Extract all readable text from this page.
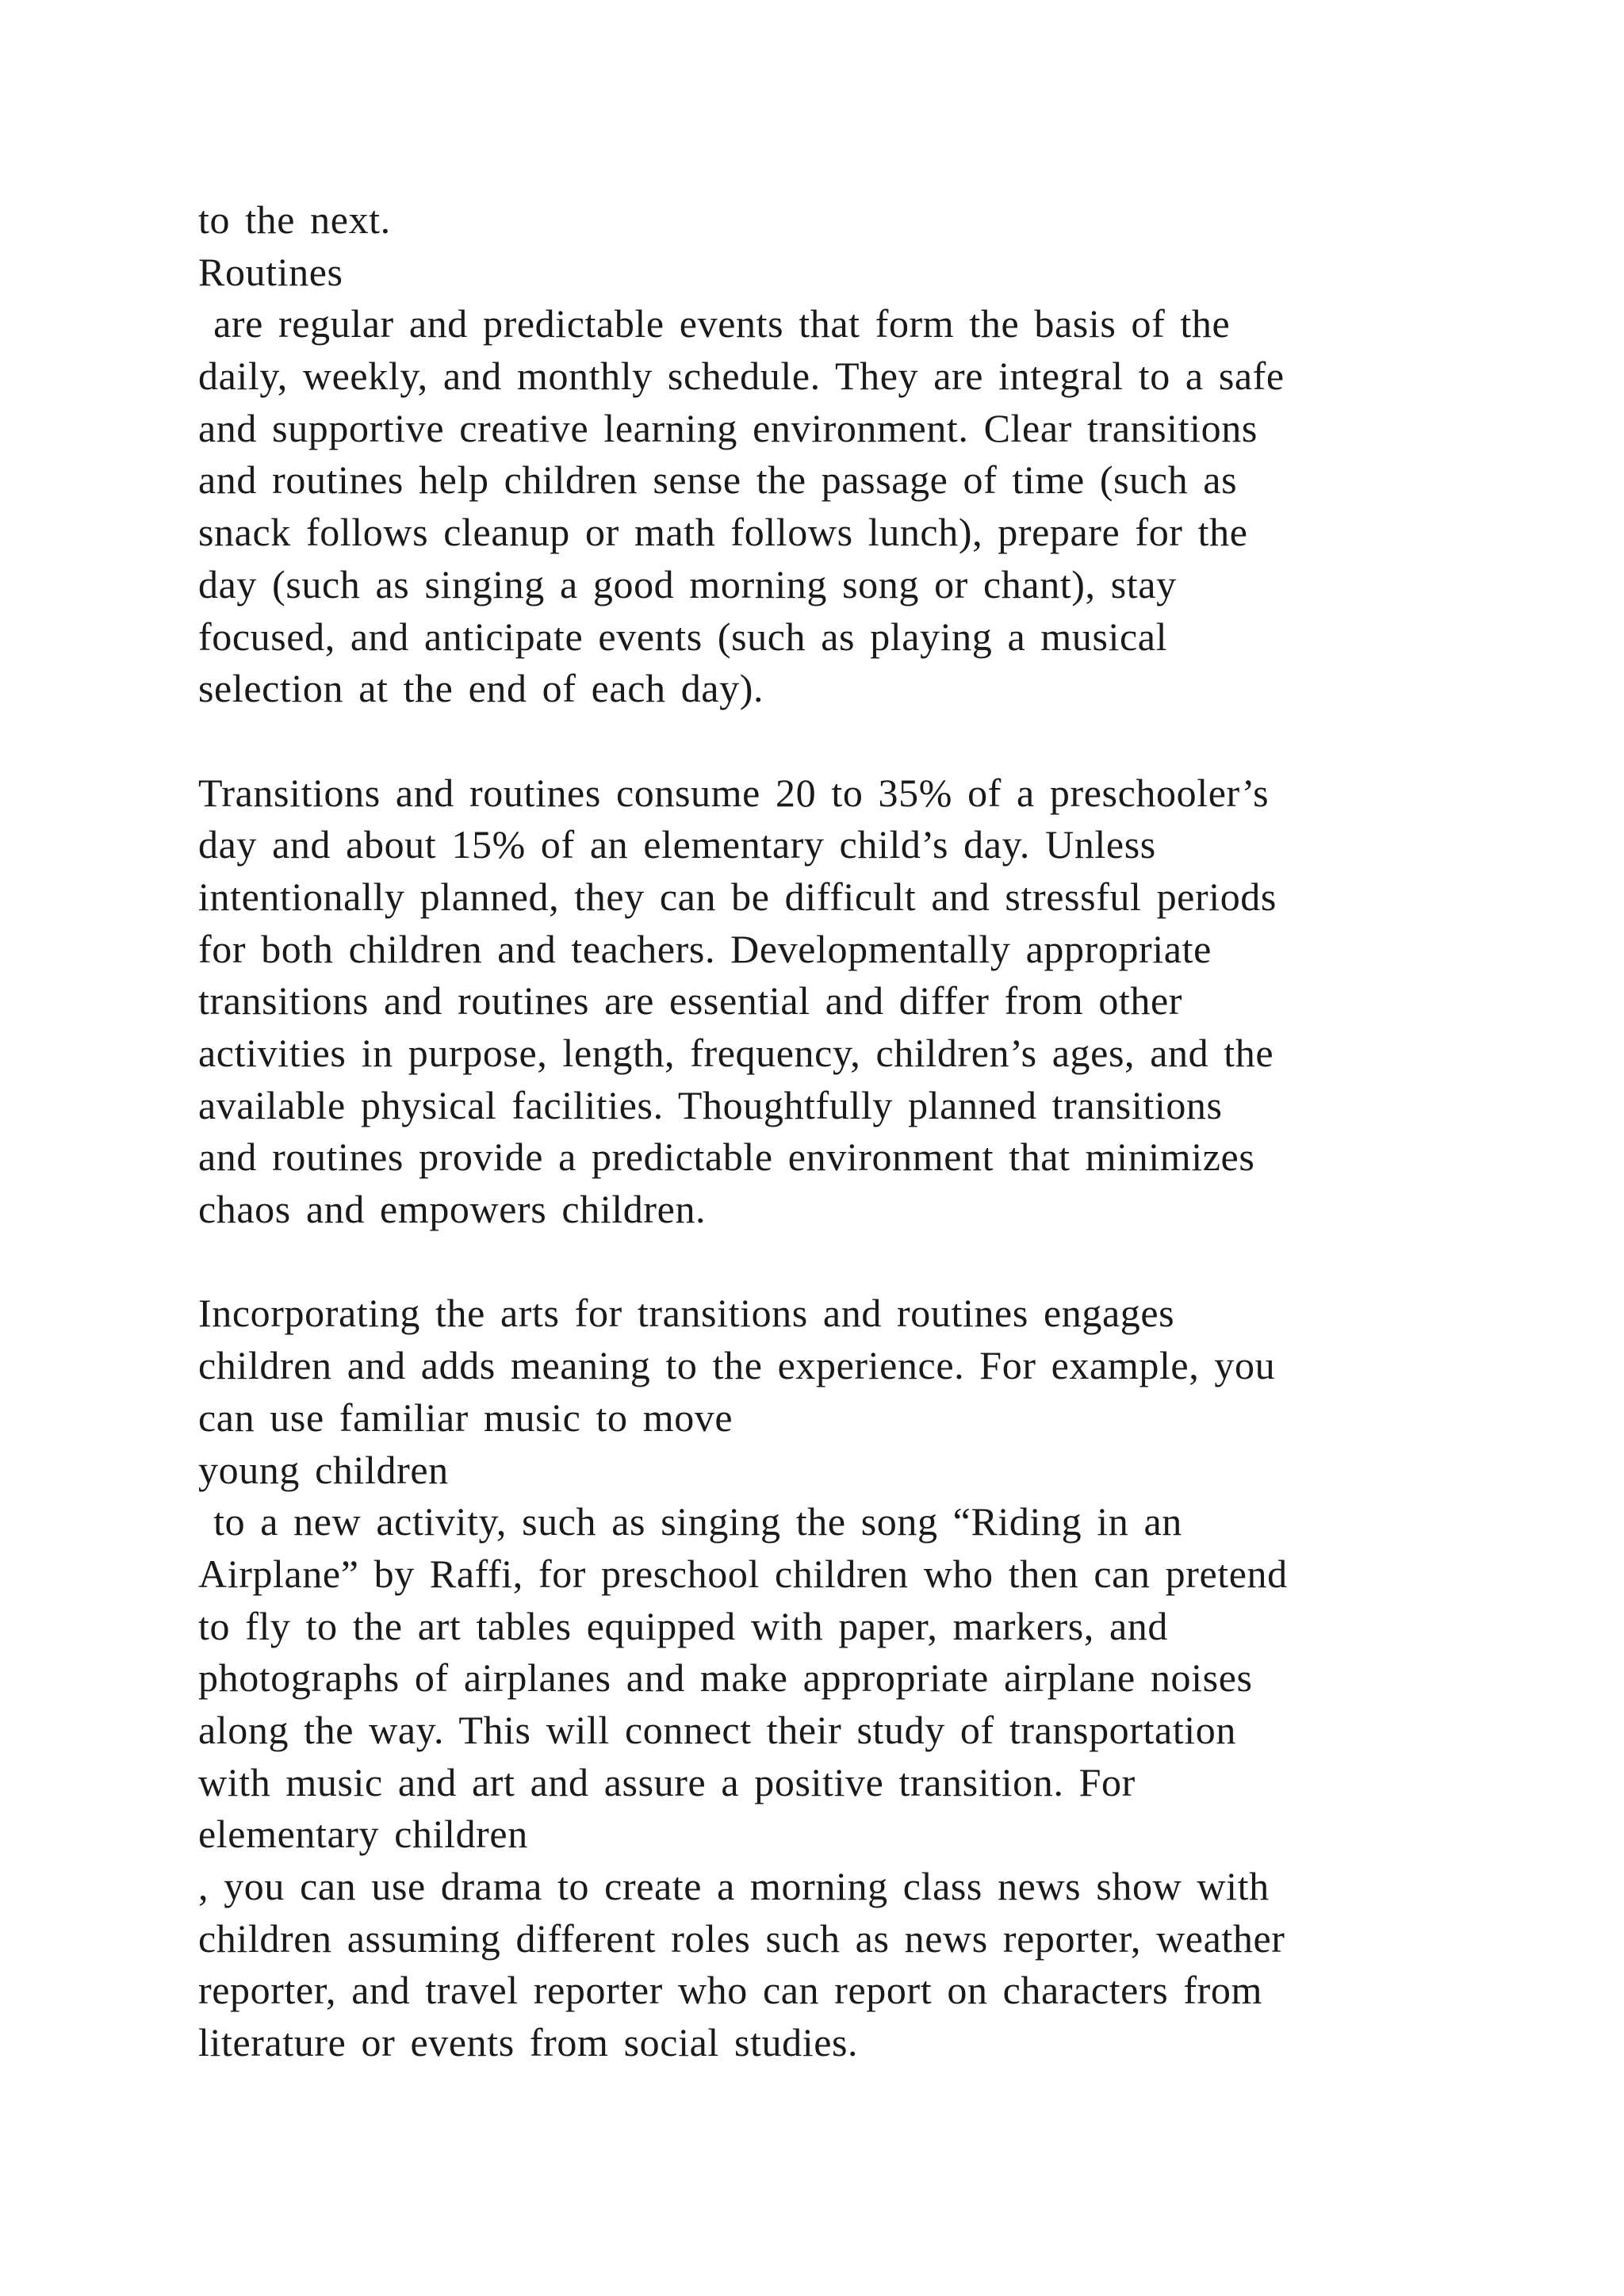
to the next.
Routines
are regular and predictable events that form the basis of the
daily, weekly, and monthly schedule. They are integral to a safe
and supportive creative learning environment. Clear transitions
and routines help children sense the passage of time (such as
snack follows cleanup or math follows lunch), prepare for the
day (such as singing a good morning song or chant), stay
focused, and anticipate events (such as playing a musical
selection at the end of each day).
Transitions and routines consume 20 to 35% of a preschooler’s
day and about 15% of an elementary child’s day. Unless
intentionally planned, they can be difficult and stressful periods
for both children and teachers. Developmentally appropriate
transitions and routines are essential and differ from other
activities in purpose, length, frequency, children’s ages, and the
available physical facilities. Thoughtfully planned transitions
and routines provide a predictable environment that minimizes
chaos and empowers children.
Incorporating the arts for transitions and routines engages
children and adds meaning to the experience. For example, you
can use familiar music to move
young children
to a new activity, such as singing the song “Riding in an
Airplane” by Raffi, for preschool children who then can pretend
to fly to the art tables equipped with paper, markers, and
photographs of airplanes and make appropriate airplane noises
along the way. This will connect their study of transportation
with music and art and assure a positive transition. For
elementary children
, you can use drama to create a morning class news show with
children assuming different roles such as news reporter, weather
reporter, and travel reporter who can report on characters from
literature or events from social studies.
